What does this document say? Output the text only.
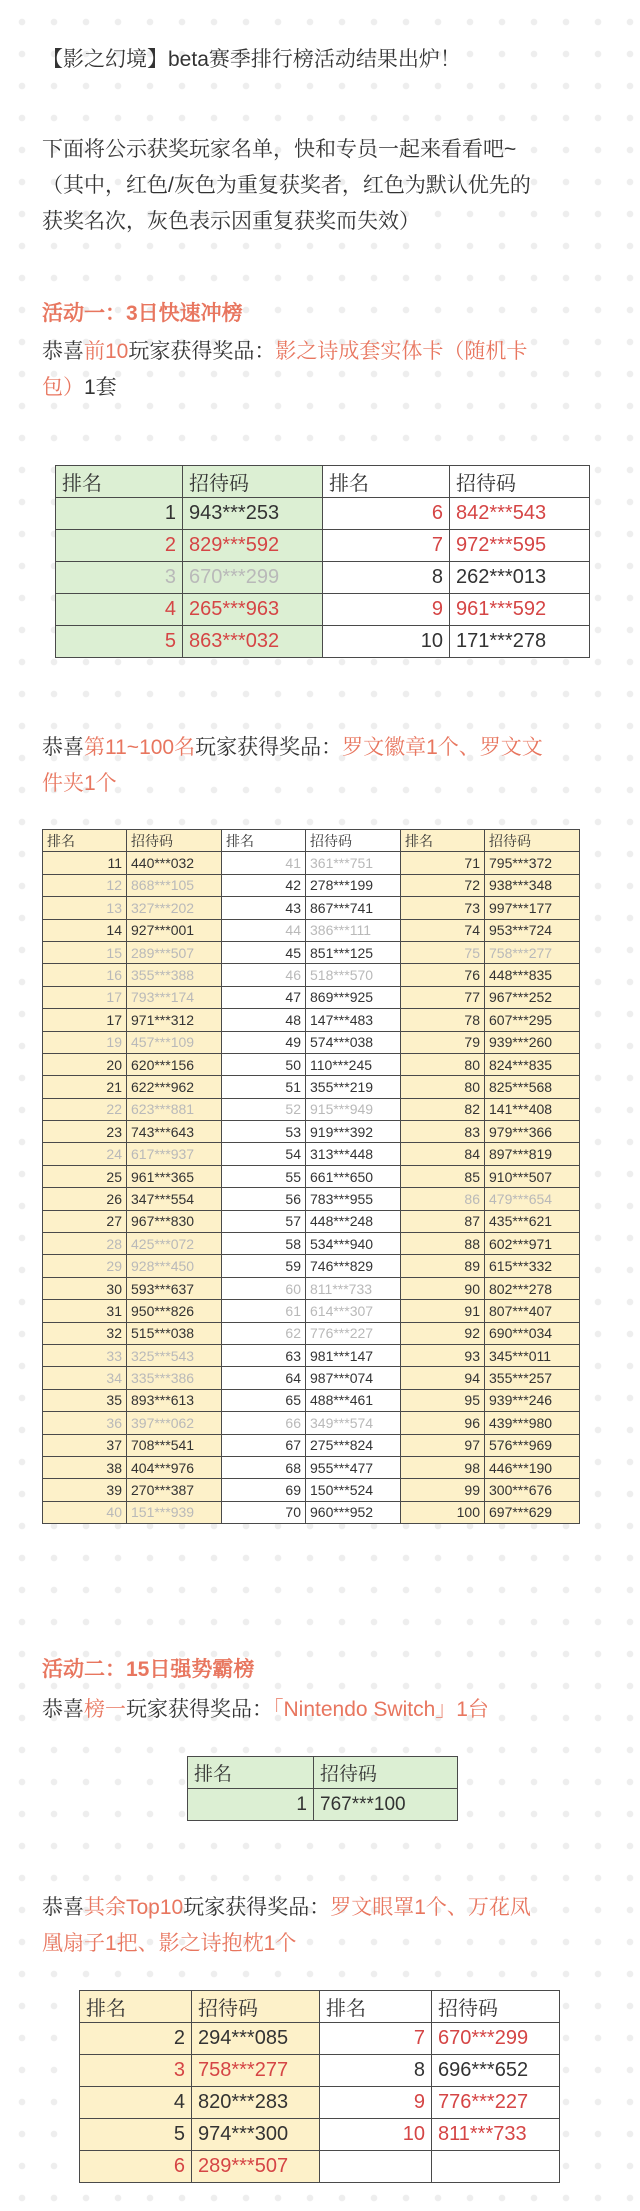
【影之幻境】beta赛季排行榜活动结果出炉！

下面将公示获奖玩家名单，快和专员一起来看看吧~

（其中，红色/灰色为重复获奖者，红色为默认优先的

获奖名次，灰色表示因重复获奖而失效）

活动一：3日快速冲榜

恭喜前10玩家获得奖品：影之诗成套实体卡（随机卡

包）1套

排名	招待码	排名	招待码
1	943***253	6	842***543
2	829***592	7	972***595
3	670***299	8	262***013
4	265***963	9	961***592
5	863***032	10	171***278

恭喜第11~100名玩家获得奖品：罗文徽章1个、罗文文

件夹1个

排名	招待码	排名	招待码	排名	招待码
11	440***032	41	361***751	71	795***372
12	868***105	42	278***199	72	938***348
13	327***202	43	867***741	73	997***177
14	927***001	44	386***111	74	953***724
15	289***507	45	851***125	75	758***277
16	355***388	46	518***570	76	448***835
17	793***174	47	869***925	77	967***252
17	971***312	48	147***483	78	607***295
19	457***109	49	574***038	79	939***260
20	620***156	50	110***245	80	824***835
21	622***962	51	355***219	80	825***568
22	623***881	52	915***949	82	141***408
23	743***643	53	919***392	83	979***366
24	617***937	54	313***448	84	897***819
25	961***365	55	661***650	85	910***507
26	347***554	56	783***955	86	479***654
27	967***830	57	448***248	87	435***621
28	425***072	58	534***940	88	602***971
29	928***450	59	746***829	89	615***332
30	593***637	60	811***733	90	802***278
31	950***826	61	614***307	91	807***407
32	515***038	62	776***227	92	690***034
33	325***543	63	981***147	93	345***011
34	335***386	64	987***074	94	355***257
35	893***613	65	488***461	95	939***246
36	397***062	66	349***574	96	439***980
37	708***541	67	275***824	97	576***969
38	404***976	68	955***477	98	446***190
39	270***387	69	150***524	99	300***676
40	151***939	70	960***952	100	697***629

活动二：15日强势霸榜

恭喜榜一玩家获得奖品：「Nintendo Switch」1台

排名	招待码
1	767***100

恭喜其余Top10玩家获得奖品：罗文眼罩1个、万花凤

凰扇子1把、影之诗抱枕1个

排名	招待码	排名	招待码
2	294***085	7	670***299
3	758***277	8	696***652
4	820***283	9	776***227
5	974***300	10	811***733
6	289***507		
